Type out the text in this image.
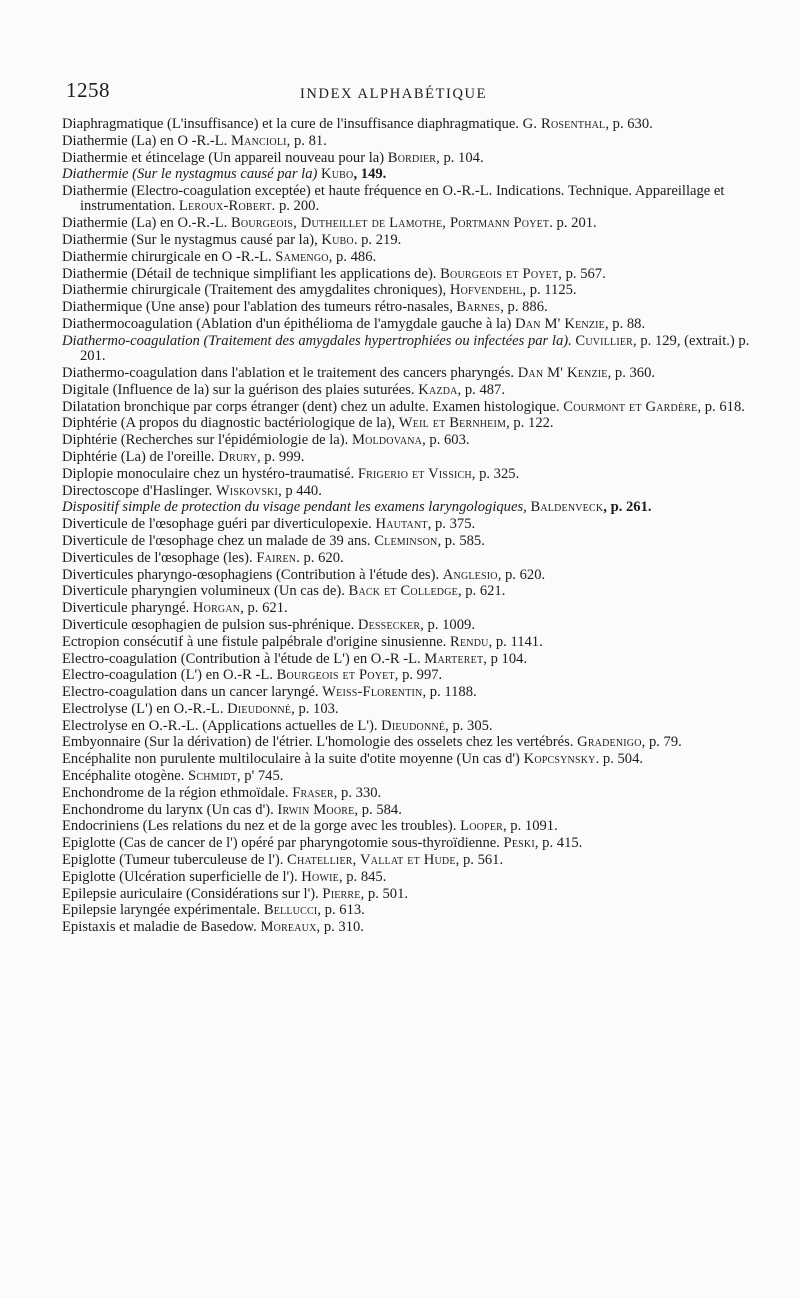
1258	INDEX ALPHABÉTIQUE

Diaphragmatique (L'insuffisance) et la cure de l'insuffisance diaphragmatique. G. Rosenthal, p. 630.

Diathermie (La) en O -R.-L. Mancioli, p. 81.

Diathermie et étincelage (Un appareil nouveau pour la) Bordier, p. 104.

Diathermie (Sur le nystagmus causé par la) Kubo, 149.

Diathermie (Electro-coagulation exceptée) et haute fréquence en O.-R.-L. Indications. Technique. Appareillage et instrumentation. Leroux-Robert. p. 200.

Diathermie (La) en O.-R.-L. Bourgeois, Dutheillet de Lamothe, Portmann Poyet. p. 201.

Diathermie (Sur le nystagmus causé par la), Kubo. p. 219.

Diathermie chirurgicale en O -R.-L. Samengo, p. 486.

Diathermie (Détail de technique simplifiant les applications de). Bourgeois et Poyet, p. 567.

Diathermie chirurgicale (Traitement des amygdalites chroniques), Hofvendehl, p. 1125.

Diathermique (Une anse) pour l'ablation des tumeurs rétro-nasales, Barnes, p. 886.

Diathermocoagulation (Ablation d'un épithélioma de l'amygdale gauche à la) Dan M' Kenzie, p. 88.

Diathermo-coagulation (Traitement des amygdales hypertrophiées ou infectées par la). Cuvillier, p. 129, (extrait.) p. 201.

Diathermo-coagulation dans l'ablation et le traitement des cancers pharyngés. Dan M' Kenzie, p. 360.

Digitale (Influence de la) sur la guérison des plaies suturées. Kazda, p. 487.

Dilatation bronchique par corps étranger (dent) chez un adulte. Examen histologique. Courmont et Gardère, p. 618.

Diphtérie (A propos du diagnostic bactériologique de la), Weil et Bernheim, p. 122.

Diphtérie (Recherches sur l'épidémiologie de la). Moldovana, p. 603.

Diphtérie (La) de l'oreille. Drury, p. 999.

Diplopie monoculaire chez un hystéro-traumatisé. Frigerio et Vissich, p. 325.

Directoscope d'Haslinger. Wiskovski, p 440.

Dispositif simple de protection du visage pendant les examens laryngologiques, Baldenveck, p. 261.

Diverticule de l'œsophage guéri par diverticulopexie. Hautant, p. 375.

Diverticule de l'œsophage chez un malade de 39 ans. Cleminson, p. 585.

Diverticules de l'œsophage (les). Fairen. p. 620.

Diverticules pharyngo-œsophagiens (Contribution à l'étude des). Anglesio, p. 620.

Diverticule pharyngien volumineux (Un cas de). Back et Colledge, p. 621.

Diverticule pharyngé. Horgan, p. 621.

Diverticule œsophagien de pulsion sus-phrénique. Dessecker, p. 1009.

Ectropion consécutif à une fistule palpébrale d'origine sinusienne. Rendu, p. 1141.

Electro-coagulation (Contribution à l'étude de L') en O.-R -L. Marteret, p 104.

Electro-coagulation (L') en O.-R -L. Bourgeois et Poyet, p. 997.

Electro-coagulation dans un cancer laryngé. Weiss-Florentin, p. 1188.

Electrolyse (L') en O.-R.-L. Dieudonné, p. 103.

Electrolyse en O.-R.-L. (Applications actuelles de L'). Dieudonné, p. 305.

Embyonnaire (Sur la dérivation) de l'étrier. L'homologie des osselets chez les vertébrés. Gradenigo, p. 79.

Encéphalite non purulente multiloculaire à la suite d'otite moyenne (Un cas d') Kopcsynsky. p. 504.

Encéphalite otogène. Schmidt, p' 745.

Enchondrome de la région ethmoïdale. Fraser, p. 330.

Enchondrome du larynx (Un cas d'). Irwin Moore, p. 584.

Endocriniens (Les relations du nez et de la gorge avec les troubles). Looper, p. 1091.

Epiglotte (Cas de cancer de l') opéré par pharyngotomie sous-thyroïdienne. Peski, p. 415.

Epiglotte (Tumeur tuberculeuse de l'). Chatellier, Vallat et Hude, p. 561.

Epiglotte (Ulcération superficielle de l'). Howie, p. 845.

Epilepsie auriculaire (Considérations sur l'). Pierre, p. 501.

Epilepsie laryngée expérimentale. Bellucci, p. 613.

Epistaxis et maladie de Basedow. Moreaux, p. 310.
